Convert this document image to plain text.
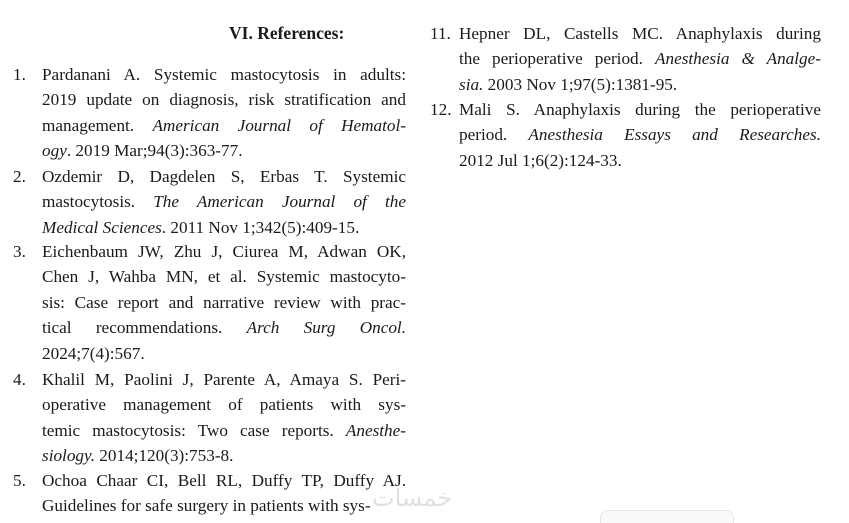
VI. References:
1. Pardanani A. Systemic mastocytosis in adults:
2019 update on diagnosis, risk stratification and
management. American Journal of Hematol-
ogy. 2019 Mar;94(3):363-77.
2. Ozdemir D, Dagdelen S, Erbas T. Systemic
mastocytosis. The American Journal of the
Medical Sciences. 2011 Nov 1;342(5):409-15.
3. Eichenbaum JW, Zhu J, Ciurea M, Adwan OK,
Chen J, Wahba MN, et al. Systemic mastocyto-
sis: Case report and narrative review with prac-
tical recommendations. Arch Surg Oncol.
2024;7(4):567.
4. Khalil M, Paolini J, Parente A, Amaya S. Peri-
operative management of patients with sys-
temic mastocytosis: Two case reports. Anesthe-
siology. 2014;120(3):753-8.
5. Ochoa Chaar CI, Bell RL, Duffy TP, Duffy AJ.
Guidelines for safe surgery in patients with sys-
11. Hepner DL, Castells MC. Anaphylaxis during
the perioperative period. Anesthesia & Analge-
sia. 2003 Nov 1;97(5):1381-95.
12. Mali S. Anaphylaxis during the perioperative
period. Anesthesia Essays and Researches.
2012 Jul 1;6(2):124-33.
خمسات
